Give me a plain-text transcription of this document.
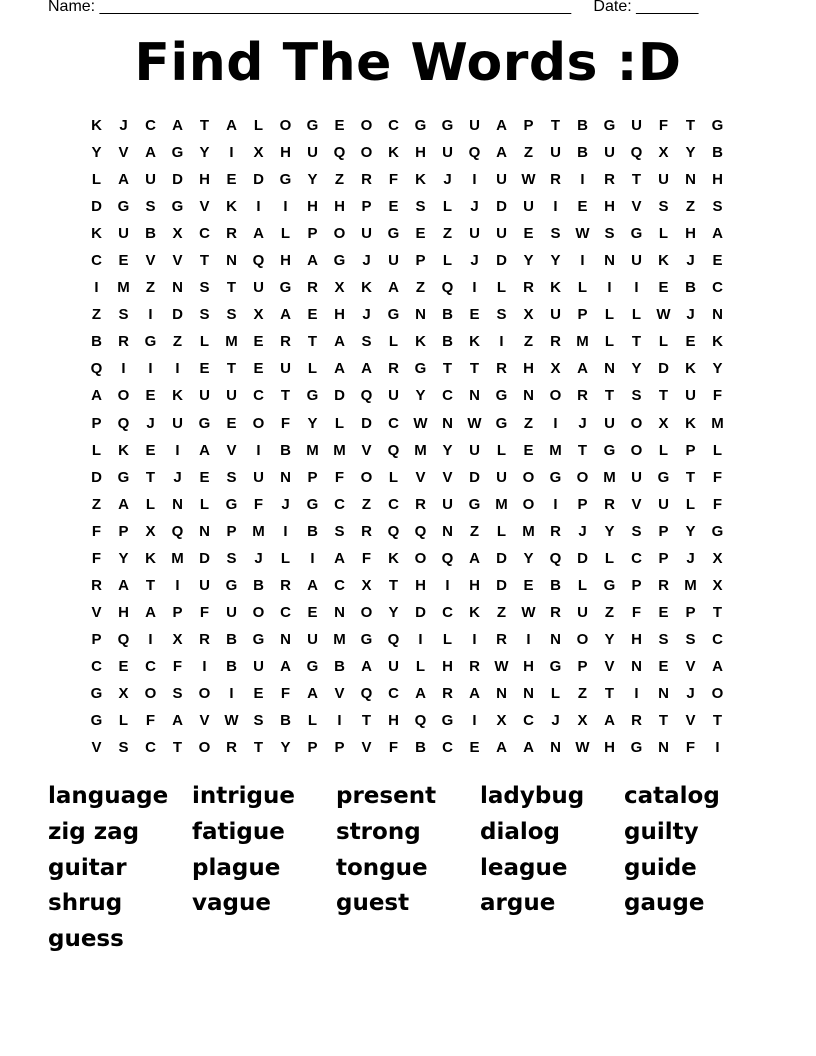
Name: _____________________________________________________     Date: _______
Find The Words :D
K	J	C	A	T	A	L	O	G	E	O	C	G	G	U	A	P	T	B	G	U	F	T	G
Y	V	A	G	Y	I	X	H	U	Q	O	K	H	U	Q	A	Z	U	B	U	Q	X	Y	B
L	A	U	D	H	E	D	G	Y	Z	R	F	K	J	I	U W R	I	R	T	U	N	H
D	G	S	G	V	K	I	I	H	H	P	E	S	L	J	D	U	I	E	H	V	S	Z	S
K	U	B	X	C	R	A	L	P	O	U	G	E	Z	U	U	E	S W S	G	L	H	A
C	E	V	V	T	N	Q	H	A	G	J	U	P	L	J	D	Y	Y	I	N	U	K	J	E
I	M	Z	N	S	T	U	G	R	X	K	A	Z	Q	I	L	R	K	L	I	I	E	B	C
Z	S	I	D	S	S	X	A	E	H	J	G	N	B	E	S	X	U	P	L	L	W	J	N
B	R	G	Z	L	M	E	R	T	A	S	L	K	B	K	I	Z	R	M	L	T	L	E	K
Q	I	I	I	E	T	E	U	L	A	A	R	G	T	T	R	H	X	A	N	Y	D	K	Y
A	O	E	K	U	U	C	T	G	D	Q	U	Y	C	N	G	N	O	R	T	S	T	U	F
P	Q	J	U	G	E	O	F	Y	L	D	C W N W G	Z	I	J	U	O	X	K	M
L	K	E	I	A	V	I	B	M M	V	Q M	Y	U	L	E	M	T	G	O	L	P	L
D	G	T	J	E	S	U	N	P	F	O	L	V	V	D	U	O	G	O M	U	G	T	F
Z	A	L	N	L	G	F	J	G	C	Z	C	R	U	G M O	I	P	R	V	U	L	F
F	P	X	Q	N	P	M	I	B	S	R	Q	Q	N	Z	L	M	R	J	Y	S	P	Y	G
F	Y	K	M	D	S	J	L	I	A	F	K	O	Q	A	D	Y	Q	D	L	C	P	J	X
R	A	T	I	U	G	B	R	A	C	X	T	H	I	H	D	E	B	L	G	P	R	M	X
V	H	A	P	F	U	O	C	E	N	O	Y	D	C	K	Z	W R	U	Z	F	E	P	T
P	Q	I	X	R	B	G	N	U	M G	Q	I	L	I	R	I	N	O	Y	H	S	S	C
C	E	C	F	I	B	U	A	G	B	A	U	L	H	R W H	G	P	V	N	E	V	A
G	X	O	S	O	I	E	F	A	V	Q	C	A	R	A	N	N	L	Z	T	I	N	J	O
G	L	F	A	V W S	B	L	I	T	H	Q	G	I	X	C	J	X	A	R	T	V	T
V	S	C	T	O	R	T	Y	P	P	V	F	B	C	E	A	A	N W H	G	N	F	I
language	intrigue	present	ladybug	catalog
zig zag	fatigue	strong	dialog	guilty
guitar	plague	tongue	league	guide
shrug	vague	guest	argue	gauge
guess
